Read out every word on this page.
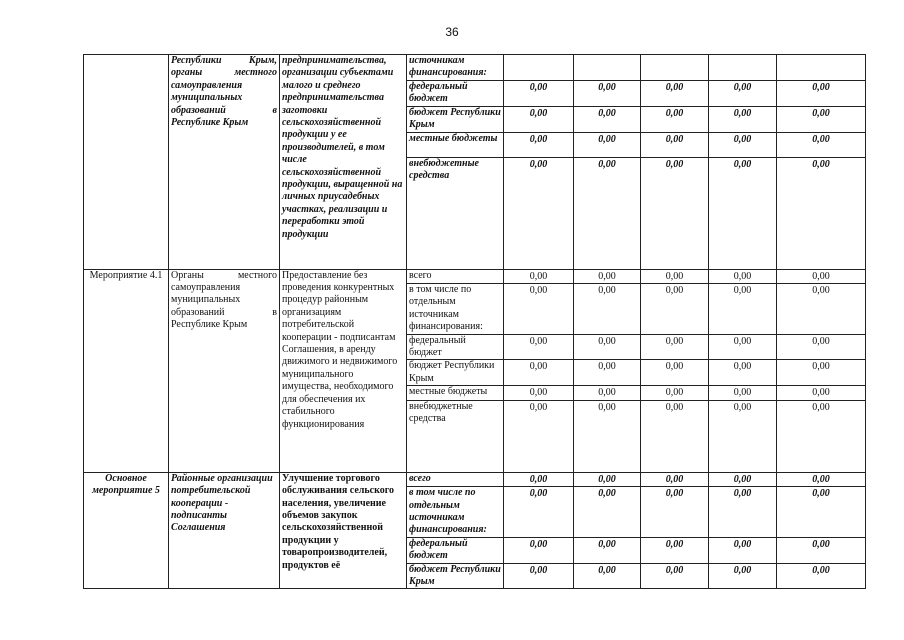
36
	Республики Крым, органы местного самоуправления муниципальных образований в Республике Крым	предпринимательства, организации субъектами малого и среднего предпринимательства заготовки сельскохозяйственной продукции у ее производителей, в том числе сельскохозяйственной продукции, выращенной на личных приусадебных участках, реализации и переработки этой продукции	источникам финансирования:					
			федеральный бюджет	0,00	0,00	0,00	0,00	0,00
			бюджет Республики Крым	0,00	0,00	0,00	0,00	0,00
			местные бюджеты	0,00	0,00	0,00	0,00	0,00
			внебюджетные средства	0,00	0,00	0,00	0,00	0,00
Мероприятие 4.1	Органы местного самоуправления муниципальных образований в Республике Крым	Предоставление без проведения конкурентных процедур районным организациям потребительской кооперации - подписантам Соглашения, в аренду движимого и недвижимого муниципального имущества, необходимого для обеспечения их стабильного функционирования	всего	0,00	0,00	0,00	0,00	0,00
			в том числе по отдельным источникам финансирования:	0,00	0,00	0,00	0,00	0,00
			федеральный бюджет	0,00	0,00	0,00	0,00	0,00
			бюджет Республики Крым	0,00	0,00	0,00	0,00	0,00
			местные бюджеты	0,00	0,00	0,00	0,00	0,00
			внебюджетные средства	0,00	0,00	0,00	0,00	0,00
Основное мероприятие 5	Районные организации потребительской кооперации - подписанты Соглашения	Улучшение торгового обслуживания сельского населения, увеличение объемов закупок сельскохозяйственной продукции у товаропроизводителей, продуктов её	всего	0,00	0,00	0,00	0,00	0,00
			в том числе по отдельным источникам финансирования:	0,00	0,00	0,00	0,00	0,00
			федеральный бюджет	0,00	0,00	0,00	0,00	0,00
			бюджет Республики Крым	0,00	0,00	0,00	0,00	0,00
